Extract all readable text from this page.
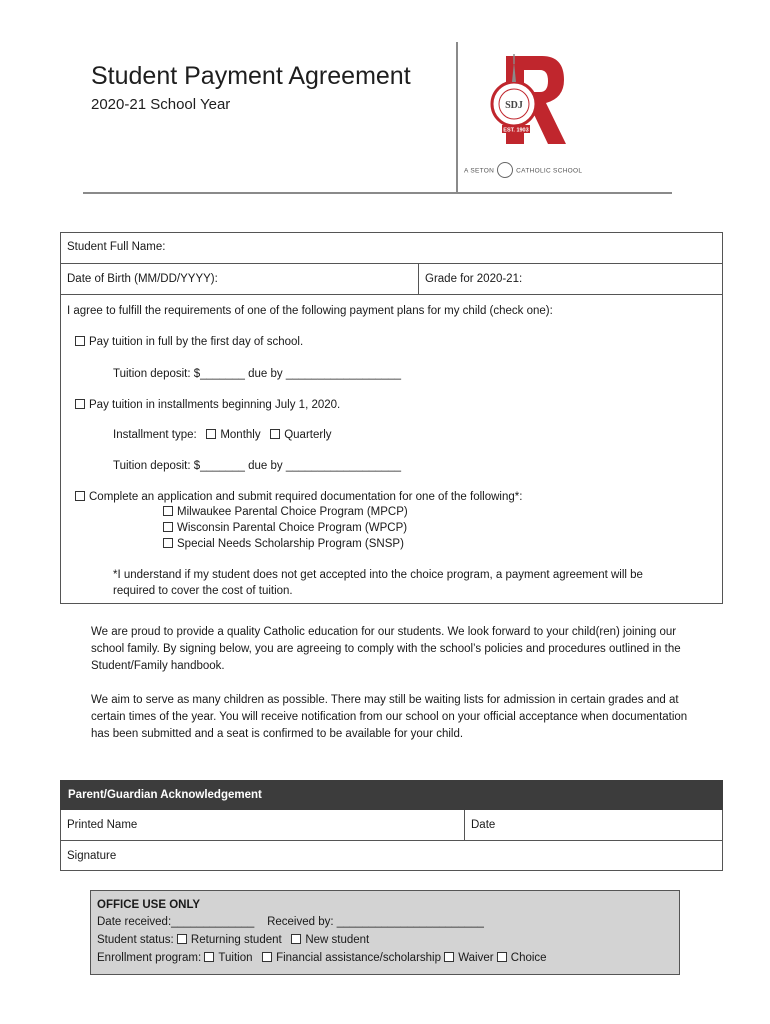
Student Payment Agreement
2020-21 School Year	SDJ
EST. 1903
A SETON	CATHOLIC SCHOOL
Student Full Name:
Date of Birth (MM/DD/YYYY):	Grade for 2020-21:
I agree to fulfill the requirements of one of the following payment plans for my child (check one):
Pay tuition in full by the first day of school.
Tuition deposit: $_______ due by __________________
Pay tuition in installments beginning July 1, 2020.
Installment type: Monthly Quarterly
Tuition deposit: $_______ due by __________________
Complete an application and submit required documentation for one of the following*:
Milwaukee Parental Choice Program (MPCP)
Wisconsin Parental Choice Program (WPCP)
Special Needs Scholarship Program (SNSP)
*I understand if my student does not get accepted into the choice program, a payment agreement will be
required to cover the cost of tuition.
We are proud to provide a quality Catholic education for our students. We look forward to your child(ren) joining our school family. By signing below, you are agreeing to comply with the school’s policies and procedures outlined in the Student/Family handbook.
We aim to serve as many children as possible. There may still be waiting lists for admission in certain grades and at certain times of the year. You will receive notification from our school on your official acceptance when documentation has been submitted and a seat is confirmed to be available for your child.
Parent/Guardian Acknowledgement
Printed Name	Date
Signature
OFFICE USE ONLY
Date received:_____________ Received by: _______________________
Student status: Returning student New student
Enrollment program: Tuition Financial assistance/scholarship Waiver Choice
